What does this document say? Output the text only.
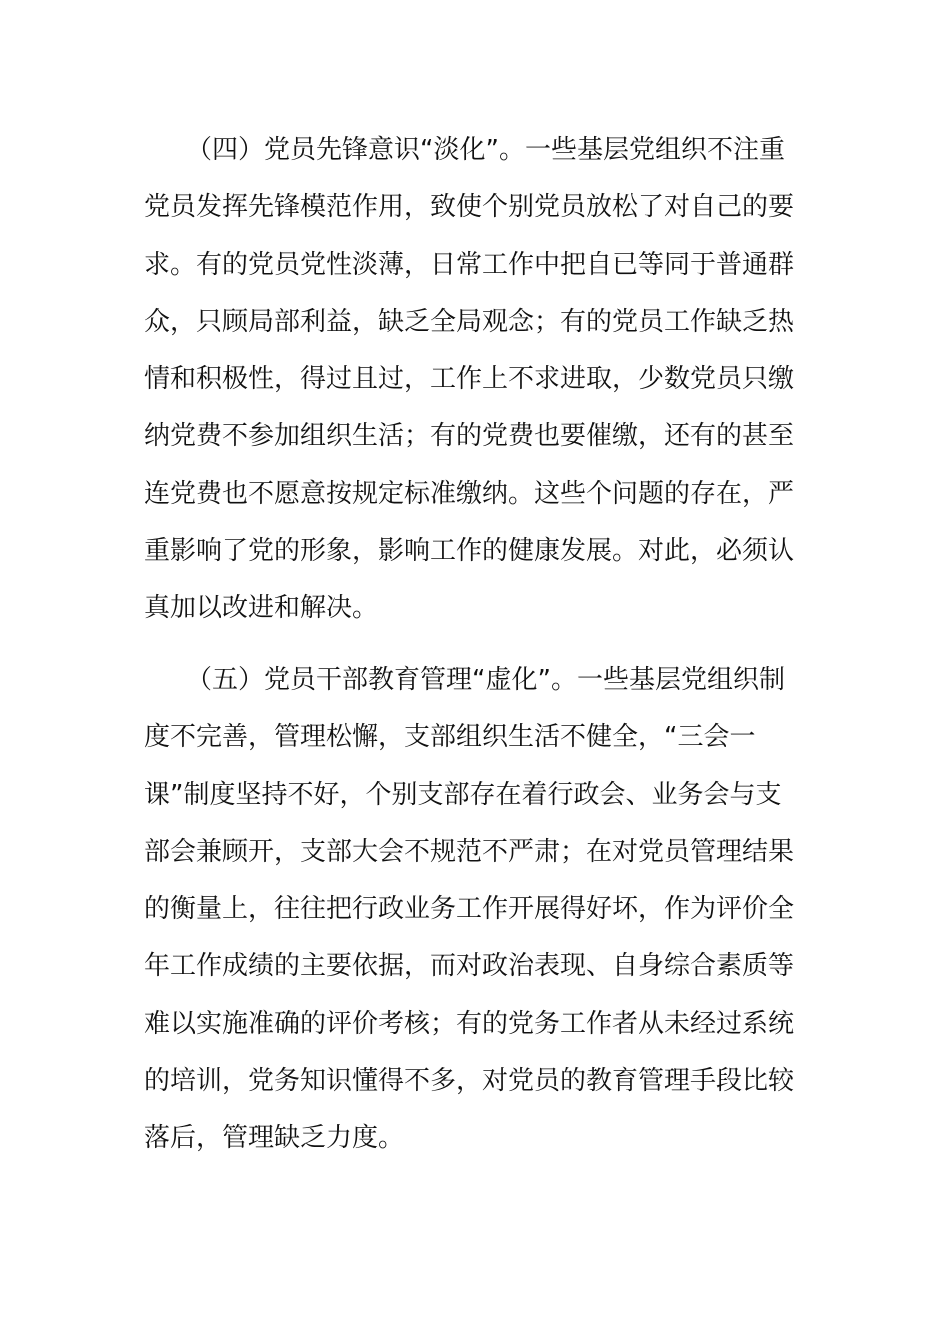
（四）党员先锋意识“淡化”。一些基层党组织不注重
党员发挥先锋模范作用，致使个别党员放松了对自己的要
求。有的党员党性淡薄，日常工作中把自已等同于普通群
众，只顾局部利益，缺乏全局观念；有的党员工作缺乏热
情和积极性，得过且过，工作上不求进取，少数党员只缴
纳党费不参加组织生活；有的党费也要催缴，还有的甚至
连党费也不愿意按规定标准缴纳。这些个问题的存在，严
重影响了党的形象，影响工作的健康发展。对此，必须认
真加以改进和解决。
（五）党员干部教育管理“虚化”。一些基层党组织制
度不完善，管理松懈，支部组织生活不健全，“三会一
课”制度坚持不好，个别支部存在着行政会、业务会与支
部会兼顾开，支部大会不规范不严肃；在对党员管理结果
的衡量上，往往把行政业务工作开展得好坏，作为评价全
年工作成绩的主要依据，而对政治表现、自身综合素质等
难以实施准确的评价考核；有的党务工作者从未经过系统
的培训，党务知识懂得不多，对党员的教育管理手段比较
落后，管理缺乏力度。
